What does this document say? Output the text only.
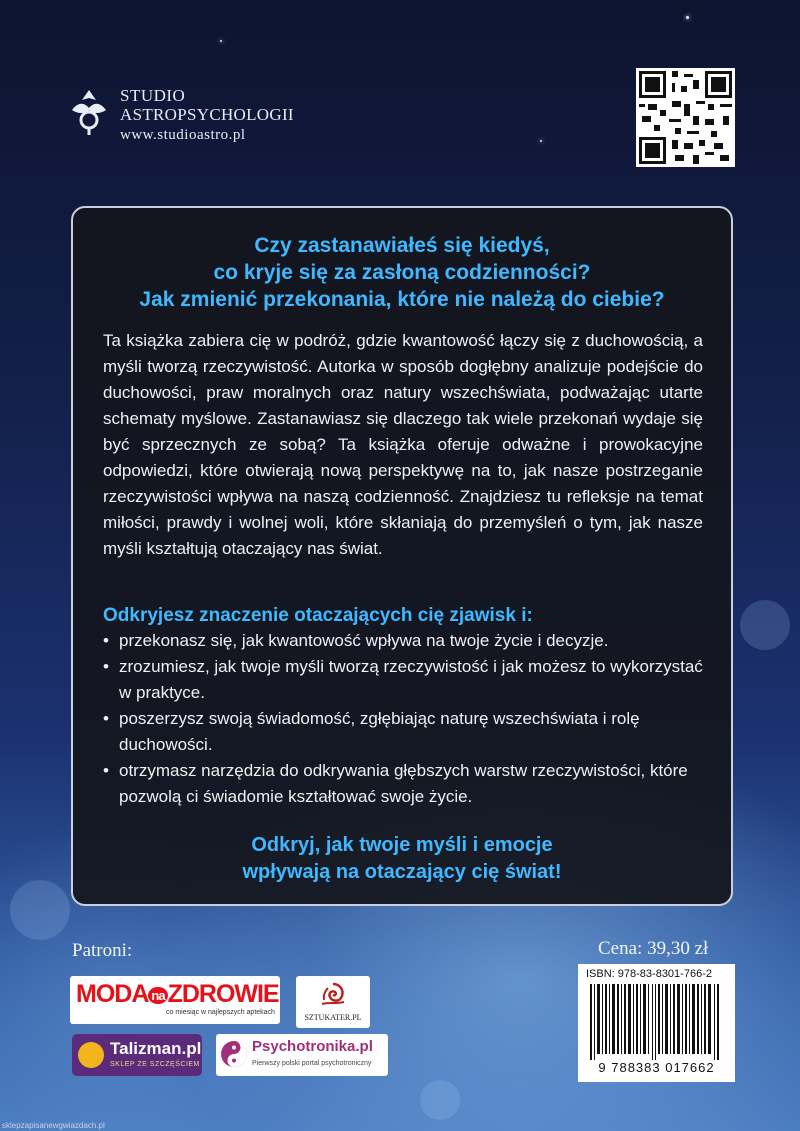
STUDIO
ASTROPSYCHOLOGII
www.studioastro.pl
Czy zastanawiałeś się kiedyś,
co kryje się za zasłoną codzienności?
Jak zmienić przekonania, które nie należą do ciebie?

Ta książka zabiera cię w podróż, gdzie kwantowość łączy się z duchowością, a myśli tworzą rzeczywistość. Autorka w sposób dogłębny analizuje podejście do duchowości, praw moralnych oraz natury wszechświata, podważając utarte schematy myślowe. Zastanawiasz się dlaczego tak wiele przekonań wydaje się być sprzecznych ze sobą? Ta książka oferuje odważne i prowokacyjne odpowiedzi, które otwierają nową perspektywę na to, jak nasze postrzeganie rzeczywistości wpływa na naszą codzienność. Znajdziesz tu refleksje na temat miłości, prawdy i wolnej woli, które skłaniają do przemyśleń o tym, jak nasze myśli kształtują otaczający nas świat.

Odkryjesz znaczenie otaczających cię zjawisk i:
• przekonasz się, jak kwantowość wpływa na twoje życie i decyzje.
• zrozumiesz, jak twoje myśli tworzą rzeczywistość i jak możesz to wykorzystać w praktyce.
• poszerzysz swoją świadomość, zgłębiając naturę wszechświata i rolę duchowości.
• otrzymasz narzędzia do odkrywania głębszych warstw rzeczywistości, które pozwolą ci świadomie kształtować swoje życie.
Odkryj, jak twoje myśli i emocje
wpływają na otaczający cię świat!
Patroni:	Cena: 39,30 zł
ISBN: 978-83-8301-766-2
9 788383 017662
MODA na ZDROWIE
co miesiąc w najlepszych aptekach
SZTUKATER.PL
Talizman.pl
SKLEP ZE SZCZĘŚCIEM
Psychotronika.pl
Pierwszy polski portal psychotroniczny
sklepzapisanewgwiazdach.pl
